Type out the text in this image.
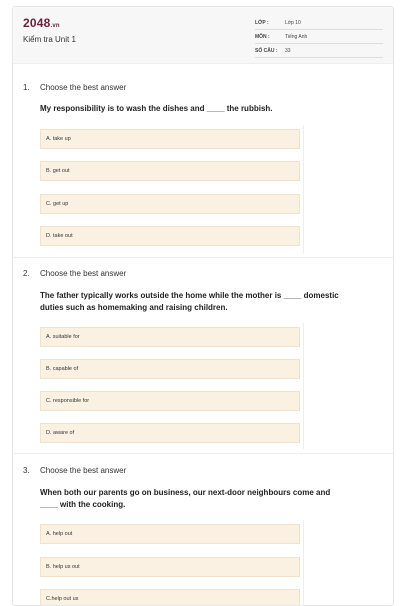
2048.vn
Kiểm tra Unit 1
LỚP :	Lớp 10
MÔN :	Tiếng Anh
SỐ CÂU : 33
1. Choose the best answer
My responsibility is to wash the dishes and ____ the rubbish.
A. take up
B. get out
C. get up
D. take out
2. Choose the best answer
The father typically works outside the home while the mother is ____ domestic
duties such as homemaking and raising children.
A. suitable for
B. capable of
C. responsible for
D. aware of
3. Choose the best answer
When both our parents go on business, our next-door neighbours come and
____ with the cooking.
A. help out
B. help us out
C.help out us
